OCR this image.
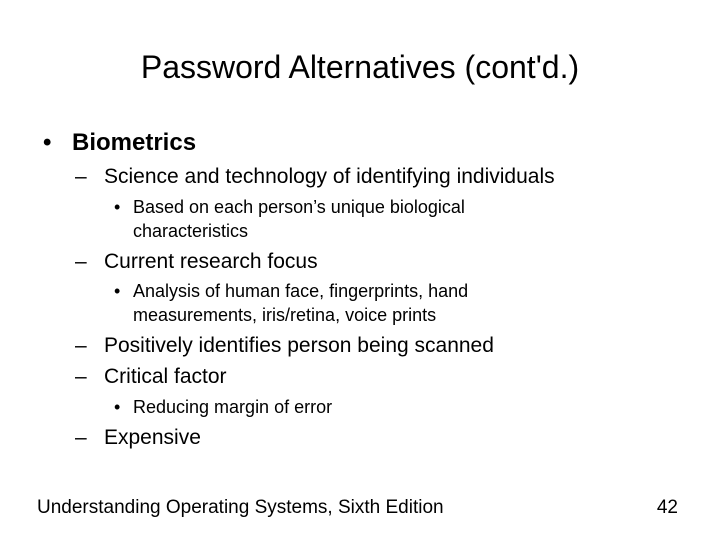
Password Alternatives (cont'd.)
• Biometrics
– Science and technology of identifying individuals
• Based on each person’s unique biological
characteristics
– Current research focus
• Analysis of human face, fingerprints, hand
measurements, iris/retina, voice prints
– Positively identifies person being scanned
– Critical factor
• Reducing margin of error
– Expensive
Understanding Operating Systems, Sixth Edition	42
